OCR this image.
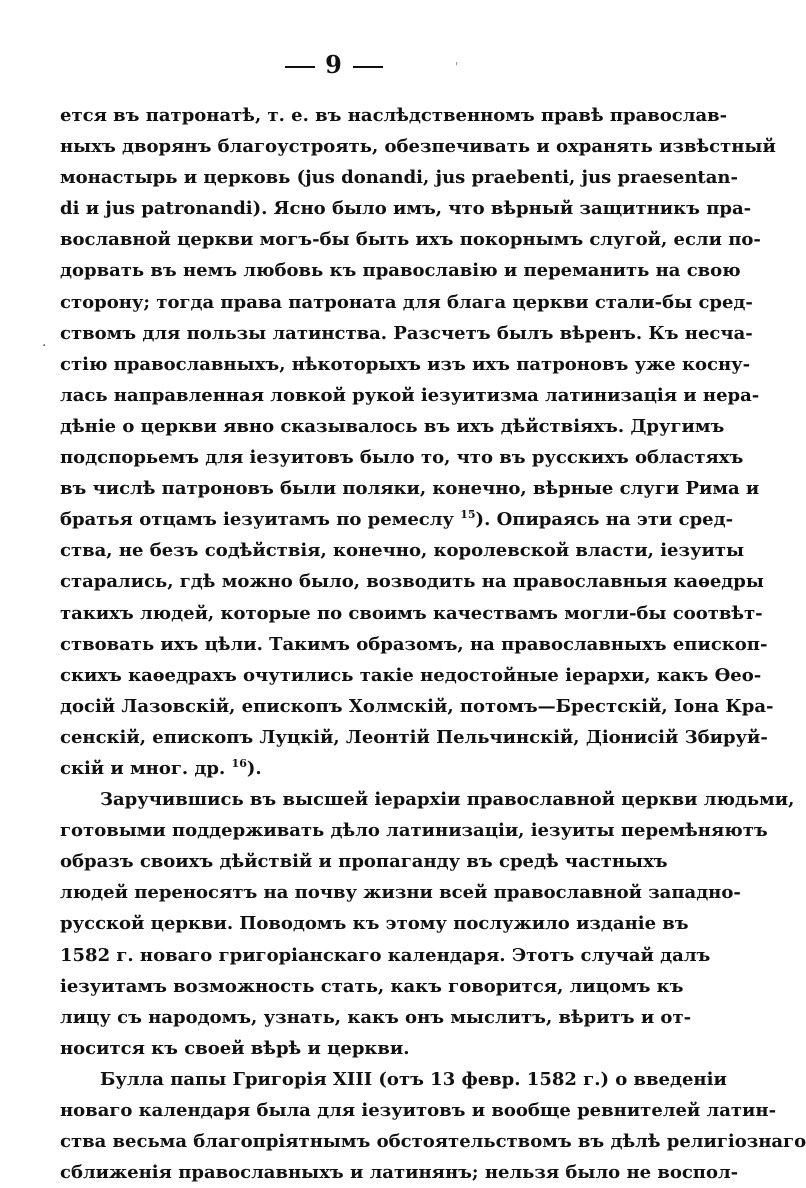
9	'
·
ется въ патронатѣ, т. е. въ наслѣдственномъ правѣ православ-
ныхъ дворянъ благоустроять, обезпечивать и охранять извѣстный
монастырь и церковь (jus donandi, jus praebenti, jus praesentan-
di и jus patronandi). Ясно было имъ, что вѣрный защитникъ пра-
вославной церкви могъ-бы быть ихъ покорнымъ слугой, если по-
дорвать въ немъ любовь къ православію и переманить на свою
сторону; тогда права патроната для блага церкви стали-бы сред-
ствомъ для пользы латинства. Разсчетъ былъ вѣренъ. Къ несча-
стію православныхъ, нѣкоторыхъ изъ ихъ патроновъ уже косну-
лась направленная ловкой рукой іезуитизма латинизація и нера-
дѣніе о церкви явно сказывалось въ ихъ дѣйствіяхъ. Другимъ
подспорьемъ для іезуитовъ было то, что въ русскихъ областяхъ
въ числѣ патроновъ были поляки, конечно, вѣрные слуги Рима и
братья отцамъ іезуитамъ по ремеслу $^{15}$). Опираясь на эти сред-
ства, не безъ содѣйствія, конечно, королевской власти, іезуиты
старались, гдѣ можно было, возводить на православныя каѳедры
такихъ людей, которые по своимъ качествамъ могли-бы соотвѣт-
ствовать ихъ цѣли. Такимъ образомъ, на православныхъ епископ-
скихъ каѳедрахъ очутились такіе недостойные іерархи, какъ Ѳео-
досій Лазовскій, епископъ Холмскій, потомъ—Брестскій, Іона Кра-
сенскій, епископъ Луцкій, Леонтій Пельчинскій, Діонисій Збируй-
скій и мног. др. $^{16}$).
Заручившись въ высшей іерархіи православной церкви людьми,
готовыми поддерживать дѣло латинизаціи, іезуиты перемѣняютъ
образъ своихъ дѣйствій и пропаганду въ средѣ частныхъ
людей переносятъ на почву жизни всей православной западно-
русской церкви. Поводомъ къ этому послужило изданіе въ
1582 г. новаго григоріанскаго календаря. Этотъ случай далъ
іезуитамъ возможность стать, какъ говорится, лицомъ къ
лицу съ народомъ, узнать, какъ онъ мыслитъ, вѣритъ и от-
носится къ своей вѣрѣ и церкви.
Булла папы Григорія XIII (отъ 13 февр. 1582 г.) о введеніи
новаго календаря была для іезуитовъ и вообще ревнителей латин-
ства весьма благопріятнымъ обстоятельствомъ въ дѣлѣ религіознаго
сближенія православныхъ и латинянъ; нельзя было не воспол-
